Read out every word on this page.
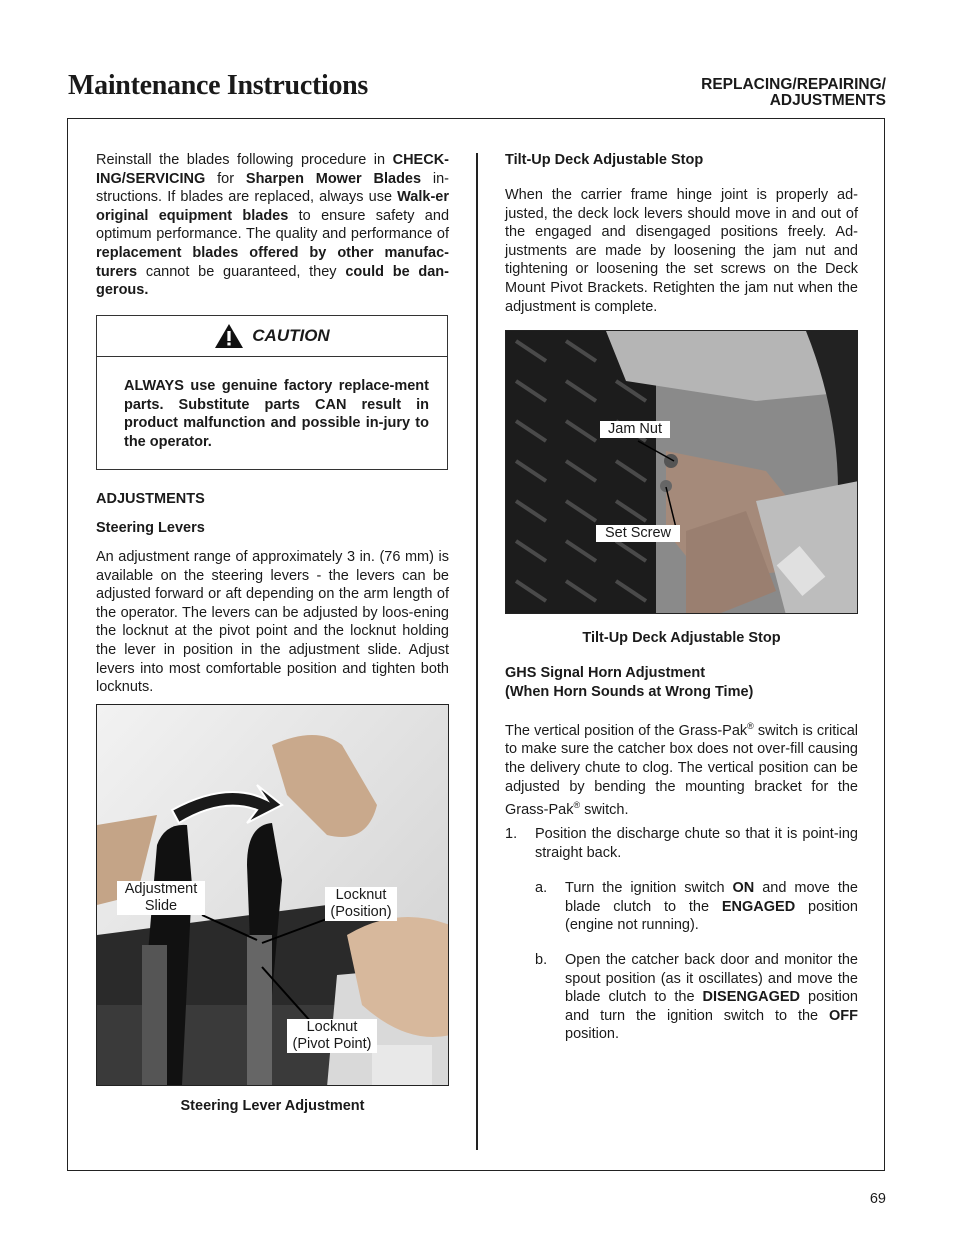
Maintenance Instructions	REPLACING/REPAIRING/
ADJUSTMENTS

Reinstall the blades following procedure in CHECK-ING/SERVICING for Sharpen Mower Blades in-structions. If blades are replaced, always use Walk-er original equipment blades to ensure safety and optimum performance. The quality and performance of replacement blades offered by other manufac-turers cannot be guaranteed, they could be dan-gerous.

CAUTION
ALWAYS use genuine factory replace-ment parts. Substitute parts CAN result in product malfunction and possible in-jury to the operator.
ADJUSTMENTS
Steering Levers

An adjustment range of approximately 3 in. (76 mm) is available on the steering levers - the levers can be adjusted forward or aft depending on the arm length of the operator. The levers can be adjusted by loos-ening the locknut at the pivot point and the locknut holding the lever in position in the adjustment slide. Adjust levers into most comfortable position and tighten both locknuts.

Adjustment
Slide
Locknut
(Position)
Locknut
(Pivot Point)
Steering Lever Adjustment
Tilt-Up Deck Adjustable Stop

When the carrier frame hinge joint is properly ad-justed, the deck lock levers should move in and out of the engaged and disengaged positions freely. Ad-justments are made by loosening the jam nut and tightening or loosening the set screws on the Deck Mount Pivot Brackets. Retighten the jam nut when the adjustment is complete.

Jam Nut
Set Screw
Tilt-Up Deck Adjustable Stop
GHS Signal Horn Adjustment
(When Horn Sounds at Wrong Time)

The vertical position of the Grass-Pak® switch is critical to make sure the catcher box does not over-fill causing the delivery chute to clog. The vertical position can be adjusted by bending the mounting bracket for the Grass-Pak® switch.

1. Position the discharge chute so that it is point-ing straight back.

a. Turn the ignition switch ON and move the blade clutch to the ENGAGED position (engine not running).

b. Open the catcher back door and monitor the spout position (as it oscillates) and move the blade clutch to the DISENGAGED position and turn the ignition switch to the OFF position.

69
